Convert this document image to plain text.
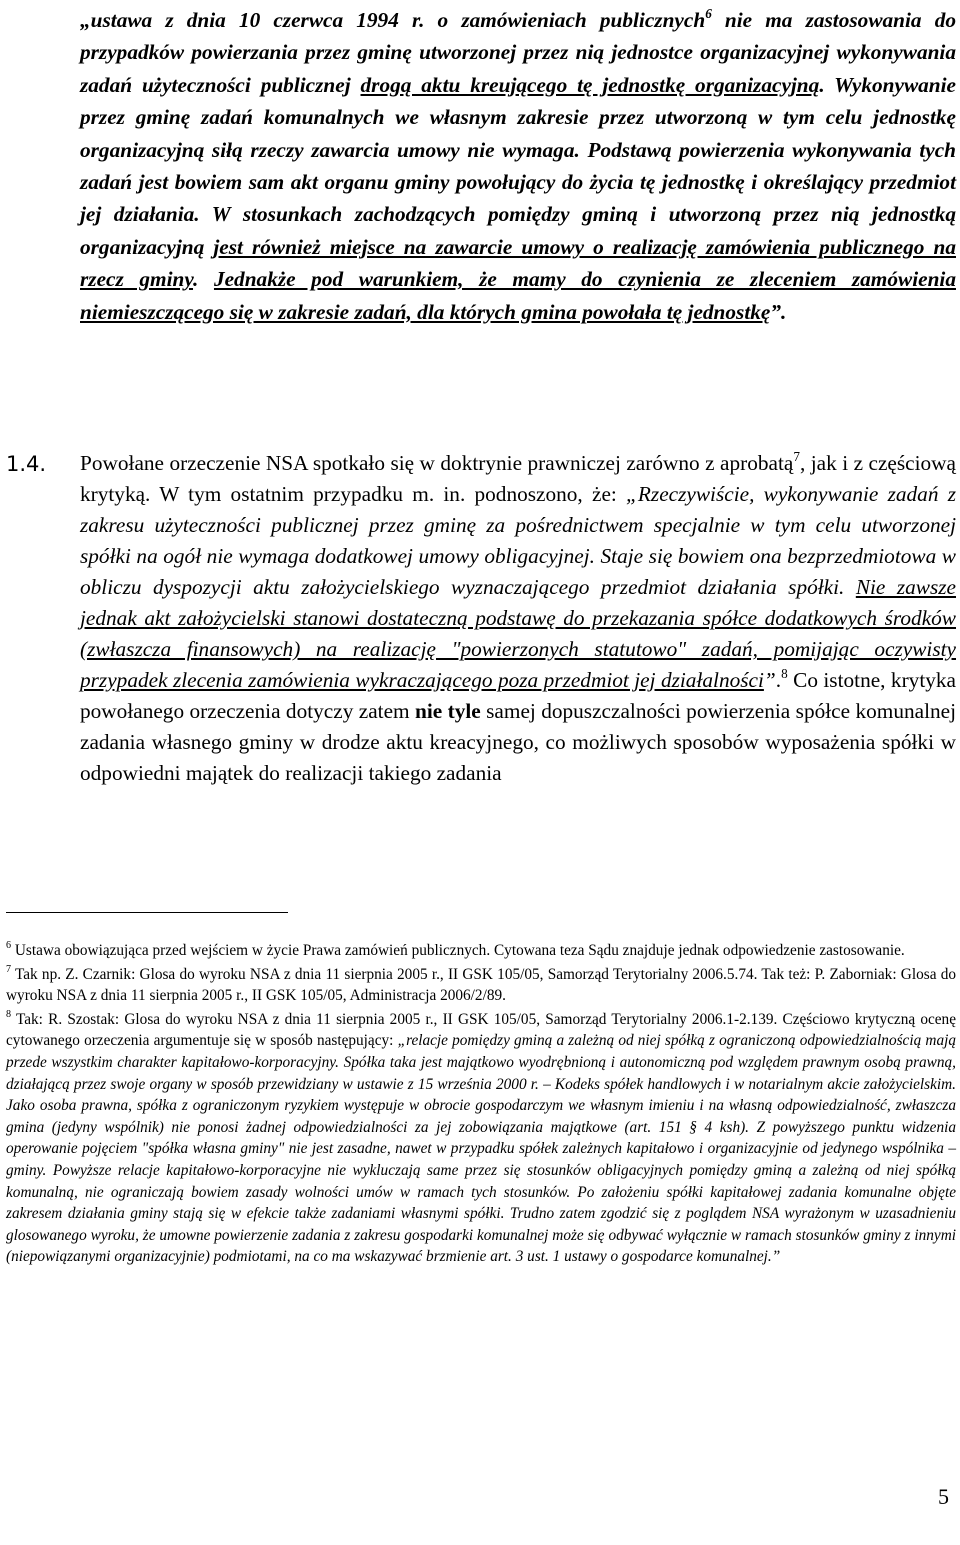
„ustawa z dnia 10 czerwca 1994 r. o zamówieniach publicznych$^6$ nie ma zastosowania do przypadków powierzania przez gminę utworzonej przez nią jednostce organizacyjnej wykonywania zadań użyteczności publicznej drogą aktu kreującego tę jednostkę organizacyjną. Wykonywanie przez gminę zadań komunalnych we własnym zakresie przez utworzoną w tym celu jednostkę organizacyjną siłą rzeczy zawarcia umowy nie wymaga. Podstawą powierzenia wykonywania tych zadań jest bowiem sam akt organu gminy powołujący do życia tę jednostkę i określający przedmiot jej działania. W stosunkach zachodzących pomiędzy gminą i utworzoną przez nią jednostką organizacyjną jest również miejsce na zawarcie umowy o realizację zamówienia publicznego na rzecz gminy. Jednakże pod warunkiem, że mamy do czynienia ze zleceniem zamówienia niemieszczącego się w zakresie zadań, dla których gmina powołała tę jednostkę”.
1.4. Powołane orzeczenie NSA spotkało się w doktrynie prawniczej zarówno z aprobatą$^7$, jak i z częściową krytyką. W tym ostatnim przypadku m. in. podnoszono, że: „Rzeczywiście, wykonywanie zadań z zakresu użyteczności publicznej przez gminę za pośrednictwem specjalnie w tym celu utworzonej spółki na ogół nie wymaga dodatkowej umowy obligacyjnej. Staje się bowiem ona bezprzedmiotowa w obliczu dyspozycji aktu założycielskiego wyznaczającego przedmiot działania spółki. Nie zawsze jednak akt założycielski stanowi dostateczną podstawę do przekazania spółce dodatkowych środków (zwłaszcza finansowych) na realizację "powierzonych statutowo" zadań, pomijając oczywisty przypadek zlecenia zamówienia wykraczającego poza przedmiot jej działalności”.$^8$ Co istotne, krytyka powołanego orzeczenia dotyczy zatem nie tyle samej dopuszczalności powierzenia spółce komunalnej zadania własnego gminy w drodze aktu kreacyjnego, co możliwych sposobów wyposażenia spółki w odpowiedni majątek do realizacji takiego zadania

$^6$ Ustawa obowiązująca przed wejściem w życie Prawa zamówień publicznych. Cytowana teza Sądu znajduje jednak odpowiedzenie zastosowanie.

$^7$ Tak np. Z. Czarnik: Glosa do wyroku NSA z dnia 11 sierpnia 2005 r., II GSK 105/05, Samorząd Terytorialny 2006.5.74. Tak też: P. Zaborniak: Glosa do wyroku NSA z dnia 11 sierpnia 2005 r., II GSK 105/05, Administracja 2006/2/89.

$^8$ Tak: R. Szostak: Glosa do wyroku NSA z dnia 11 sierpnia 2005 r., II GSK 105/05, Samorząd Terytorialny 2006.1-2.139. Częściowo krytyczną ocenę cytowanego orzeczenia argumentuje się w sposób następujący: „relacje pomiędzy gminą a zależną od niej spółką z ograniczoną odpowiedzialnością mają przede wszystkim charakter kapitałowo-korporacyjny. Spółka taka jest majątkowo wyodrębnioną i autonomiczną pod względem prawnym osobą prawną, działającą przez swoje organy w sposób przewidziany w ustawie z 15 września 2000 r. – Kodeks spółek handlowych i w notarialnym akcie założycielskim. Jako osoba prawna, spółka z ograniczonym ryzykiem występuje w obrocie gospodarczym we własnym imieniu i na własną odpowiedzialność, zwłaszcza gmina (jedyny wspólnik) nie ponosi żadnej odpowiedzialności za jej zobowiązania majątkowe (art. 151 § 4 ksh). Z powyższego punktu widzenia operowanie pojęciem "spółka własna gminy" nie jest zasadne, nawet w przypadku spółek zależnych kapitałowo i organizacyjnie od jedynego wspólnika – gminy. Powyższe relacje kapitałowo-korporacyjne nie wykluczają same przez się stosunków obligacyjnych pomiędzy gminą a zależną od niej spółką komunalną, nie ograniczają bowiem zasady wolności umów w ramach tych stosunków. Po założeniu spółki kapitałowej zadania komunalne objęte zakresem działania gminy stają się w efekcie także zadaniami własnymi spółki. Trudno zatem zgodzić się z poglądem NSA wyrażonym w uzasadnieniu glosowanego wyroku, że umowne powierzenie zadania z zakresu gospodarki komunalnej może się odbywać wyłącznie w ramach stosunków gminy z innymi (niepowiązanymi organizacyjnie) podmiotami, na co ma wskazywać brzmienie art. 3 ust. 1 ustawy o gospodarce komunalnej.”

5
